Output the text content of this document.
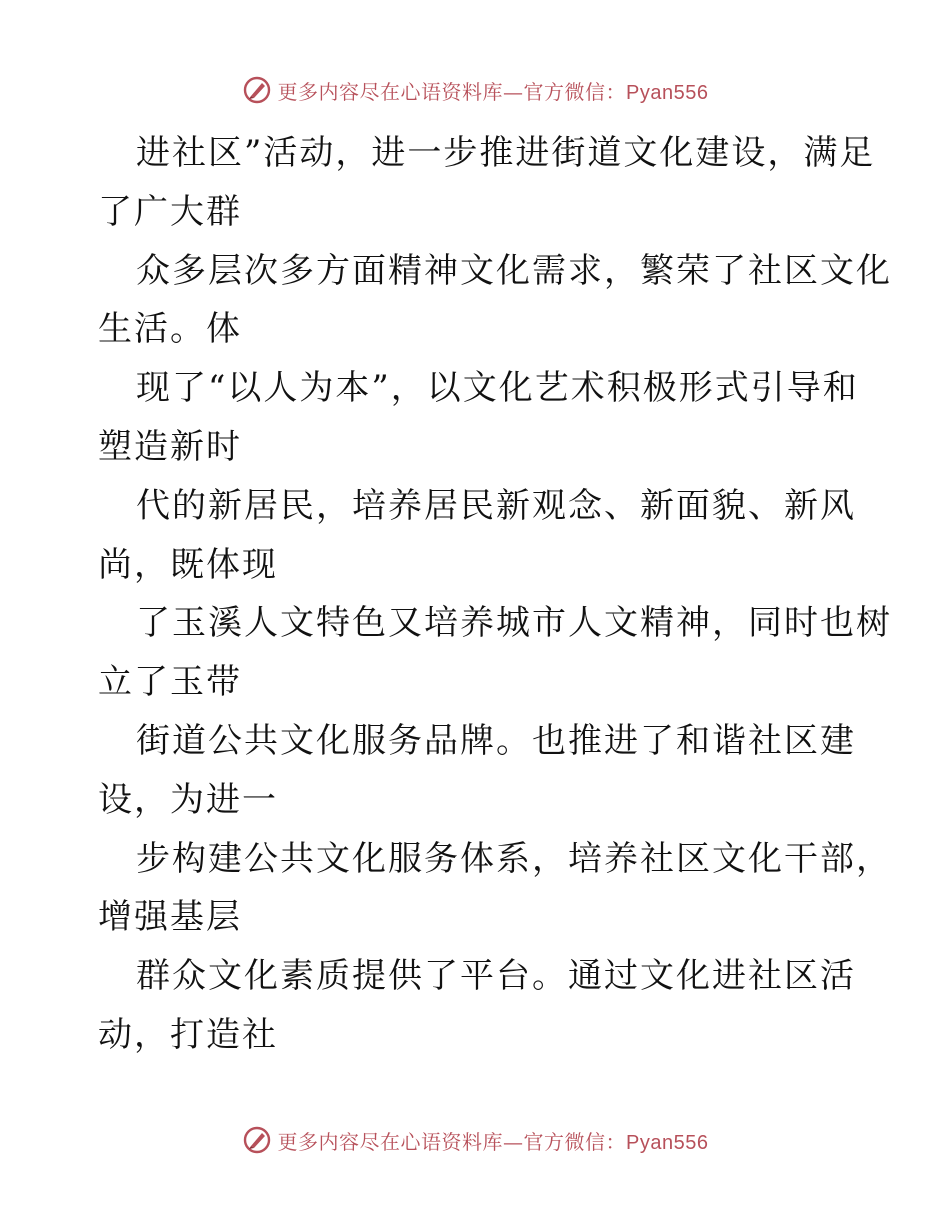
更多内容尽在心语资料库—官方微信：Pyan556
进社区”活动，进一步推进街道文化建设，满足
了广大群
众多层次多方面精神文化需求，繁荣了社区文化
生活。体
现了“以人为本”，以文化艺术积极形式引导和
塑造新时
代的新居民，培养居民新观念、新面貌、新风
尚，既体现
了玉溪人文特色又培养城市人文精神，同时也树
立了玉带
街道公共文化服务品牌。也推进了和谐社区建
设，为进一
步构建公共文化服务体系，培养社区文化干部，
增强基层
群众文化素质提供了平台。通过文化进社区活
动，打造社
更多内容尽在心语资料库—官方微信：Pyan556
